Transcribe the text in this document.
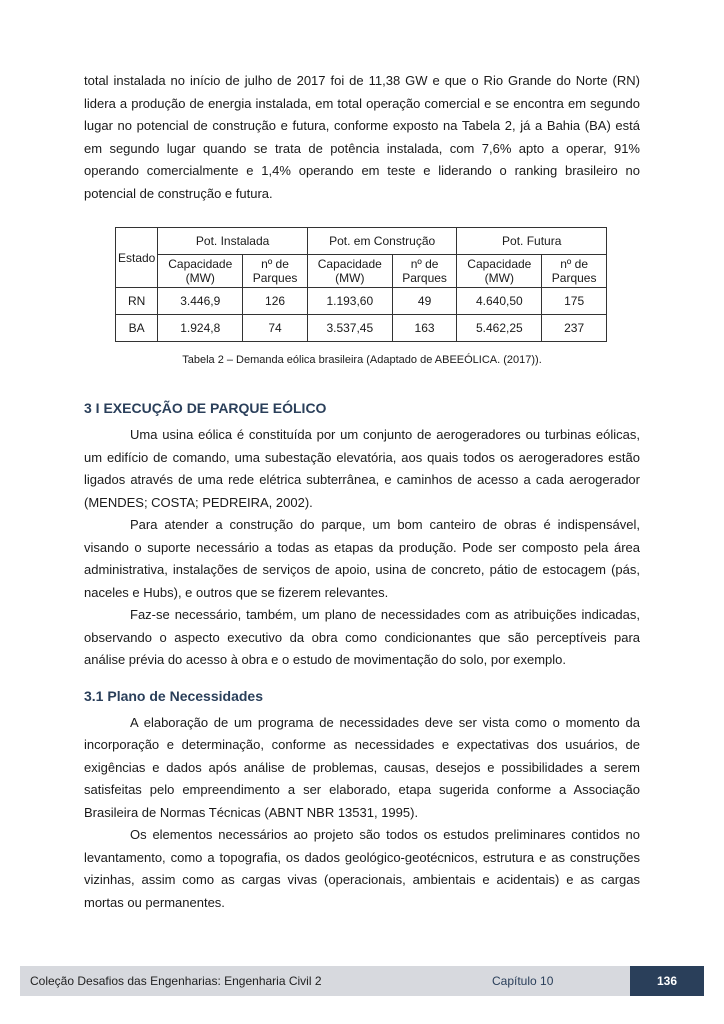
total instalada no início de julho de 2017 foi de 11,38 GW e que o Rio Grande do Norte (RN) lidera a produção de energia instalada, em total operação comercial e se encontra em segundo lugar no potencial de construção e futura, conforme exposto na Tabela 2, já a Bahia (BA) está em segundo lugar quando se trata de potência instalada, com 7,6% apto a operar, 91% operando comercialmente e 1,4% operando em teste e liderando o ranking brasileiro no potencial de construção e futura.

Estado	Pot. Instalada		Pot. em Construção		Pot. Futura	
	Capacidade (MW)	nº de Parques	Capacidade (MW)	nº de Parques	Capacidade (MW)	nº de Parques
RN	3.446,9	126	1.193,60	49	4.640,50	175
BA	1.924,8	74	3.537,45	163	5.462,25	237
Tabela 2 – Demanda eólica brasileira (Adaptado de ABEEÓLICA. (2017)).
3 I EXECUÇÃO DE PARQUE EÓLICO

Uma usina eólica é constituída por um conjunto de aerogeradores ou turbinas eólicas, um edifício de comando, uma subestação elevatória, aos quais todos os aerogeradores estão ligados através de uma rede elétrica subterrânea, e caminhos de acesso a cada aerogerador (MENDES; COSTA; PEDREIRA, 2002).

Para atender a construção do parque, um bom canteiro de obras é indispensável, visando o suporte necessário a todas as etapas da produção. Pode ser composto pela área administrativa, instalações de serviços de apoio, usina de concreto, pátio de estocagem (pás, naceles e Hubs), e outros que se fizerem relevantes.

Faz-se necessário, também, um plano de necessidades com as atribuições indicadas, observando o aspecto executivo da obra como condicionantes que são perceptíveis para análise prévia do acesso à obra e o estudo de movimentação do solo, por exemplo.

3.1 Plano de Necessidades

A elaboração de um programa de necessidades deve ser vista como o momento da incorporação e determinação, conforme as necessidades e expectativas dos usuários, de exigências e dados após análise de problemas, causas, desejos e possibilidades a serem satisfeitas pelo empreendimento a ser elaborado, etapa sugerida conforme a Associação Brasileira de Normas Técnicas (ABNT NBR 13531, 1995).

Os elementos necessários ao projeto são todos os estudos preliminares contidos no levantamento, como a topografia, os dados geológico-geotécnicos, estrutura e as construções vizinhas, assim como as cargas vivas (operacionais, ambientais e acidentais) e as cargas mortas ou permanentes.

Coleção Desafios das Engenharias: Engenharia Civil 2	Capítulo 10	136
